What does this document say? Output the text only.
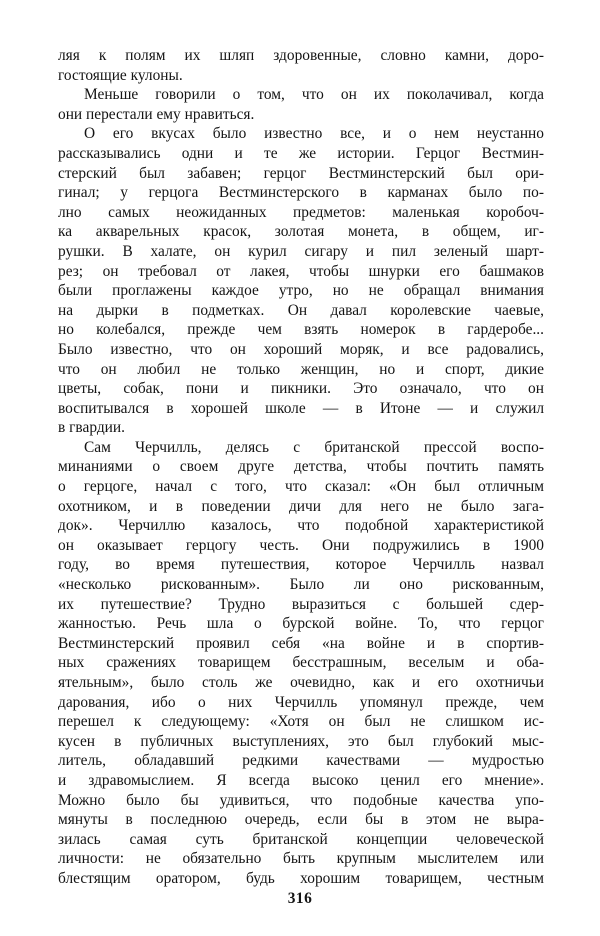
ляя к полям их шляп здоровенные, словно камни, доро-
гостоящие кулоны.
Меньше говорили о том, что он их поколачивал, когда
они перестали ему нравиться.
О его вкусах было известно все, и о нем неустанно
рассказывались одни и те же истории. Герцог Вестмин-
стерский был забавен; герцог Вестминстерский был ори-
гинал; у герцога Вестминстерского в карманах было по-
лно самых неожиданных предметов: маленькая коробоч-
ка акварельных красок, золотая монета, в общем, иг-
рушки. В халате, он курил сигару и пил зеленый шарт-
рез; он требовал от лакея, чтобы шнурки его башмаков
были проглажены каждое утро, но не обращал внимания
на дырки в подметках. Он давал королевские чаевые,
но колебался, прежде чем взять номерок в гардеробе...
Было известно, что он хороший моряк, и все радовались,
что он любил не только женщин, но и спорт, дикие
цветы, собак, пони и пикники. Это означало, что он
воспитывался в хорошей школе — в Итоне — и служил
в гвардии.
Сам Черчилль, делясь с британской прессой воспо-
минаниями о своем друге детства, чтобы почтить память
о герцоге, начал с того, что сказал: «Он был отличным
охотником, и в поведении дичи для него не было зага-
док». Черчиллю казалось, что подобной характеристикой
он оказывает герцогу честь. Они подружились в 1900
году, во время путешествия, которое Черчилль назвал
«несколько рискованным». Было ли оно рискованным,
их путешествие? Трудно выразиться с большей сдер-
жанностью. Речь шла о бурской войне. То, что герцог
Вестминстерский проявил себя «на войне и в спортив-
ных сражениях товарищем бесстрашным, веселым и оба-
ятельным», было столь же очевидно, как и его охотничьи
дарования, ибо о них Черчилль упомянул прежде, чем
перешел к следующему: «Хотя он был не слишком ис-
кусен в публичных выступлениях, это был глубокий мыс-
литель, обладавший редкими качествами — мудростью
и здравомыслием. Я всегда высоко ценил его мнение».
Можно было бы удивиться, что подобные качества упо-
мянуты в последнюю очередь, если бы в этом не выра-
зилась самая суть британской концепции человеческой
личности: не обязательно быть крупным мыслителем или
блестящим оратором, будь хорошим товарищем, честным
316
